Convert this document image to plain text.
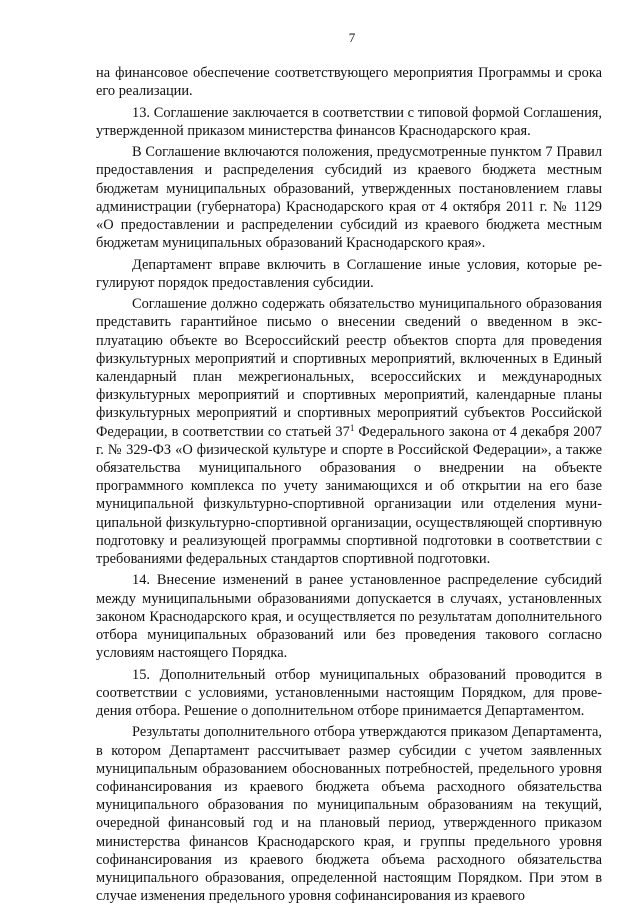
7

на финансовое обеспечение соответствующего мероприятия Программы и срока его реализации.

13. Соглашение заключается в соответствии с типовой формой Соглашения, утвержденной приказом министерства финансов Краснодарского края.

В Соглашение включаются положения, предусмотренные пунктом 7 Правил предоставления и распределения субсидий из краевого бюджета местным бюджетам муниципальных образований, утвержденных постановлением главы администрации (губернатора) Краснодарского края от 4 октября 2011 г. № 1129 «О предоставлении и распределении субсидий из краевого бюджета местным бюджетам муниципальных образований Краснодарского края».

Департамент вправе включить в Соглашение иные условия, которые регулируют порядок предоставления субсидии.

Соглашение должно содержать обязательство муниципального образования представить гарантийное письмо о внесении сведений о введенном в эксплуатацию объекте во Всероссийский реестр объектов спорта для проведения физкультурных мероприятий и спортивных мероприятий, включенных в Единый календарный план межрегиональных, всероссийских и международных физкультурных мероприятий и спортивных мероприятий, календарные планы физкультурных мероприятий и спортивных мероприятий субъектов Российской Федерации, в соответствии со статьей $37^1$ Федерального закона от 4 декабря 2007 г. № 329-ФЗ «О физической культуре и спорте в Российской Федерации», а также обязательства муниципального образования о внедрении на объекте программного комплекса по учету занимающихся и об открытии на его базе муниципальной физкультурно-спортивной организации или отделения муниципальной физкультурно-спортивной организации, осуществляющей спортивную подготовку и реализующей программы спортивной подготовки в соответствии с требованиями федеральных стандартов спортивной подготовки.

14. Внесение изменений в ранее установленное распределение субсидий между муниципальными образованиями допускается в случаях, установленных законом Краснодарского края, и осуществляется по результатам дополнительного отбора муниципальных образований или без проведения такового согласно условиям настоящего Порядка.

15. Дополнительный отбор муниципальных образований проводится в соответствии с условиями, установленными настоящим Порядком, для проведения отбора. Решение о дополнительном отборе принимается Департаментом.

Результаты дополнительного отбора утверждаются приказом Департамента, в котором Департамент рассчитывает размер субсидии с учетом заявленных муниципальным образованием обоснованных потребностей, предельного уровня софинансирования из краевого бюджета объема расходного обязательства муниципального образования по муниципальным образованиям на текущий, очередной финансовый год и на плановый период, утвержденного приказом министерства финансов Краснодарского края, и группы предельного уровня софинансирования из краевого бюджета объема расходного обязательства муниципального образования, определенной настоящим Порядком. При этом в случае изменения предельного уровня софинансирования из краевого
